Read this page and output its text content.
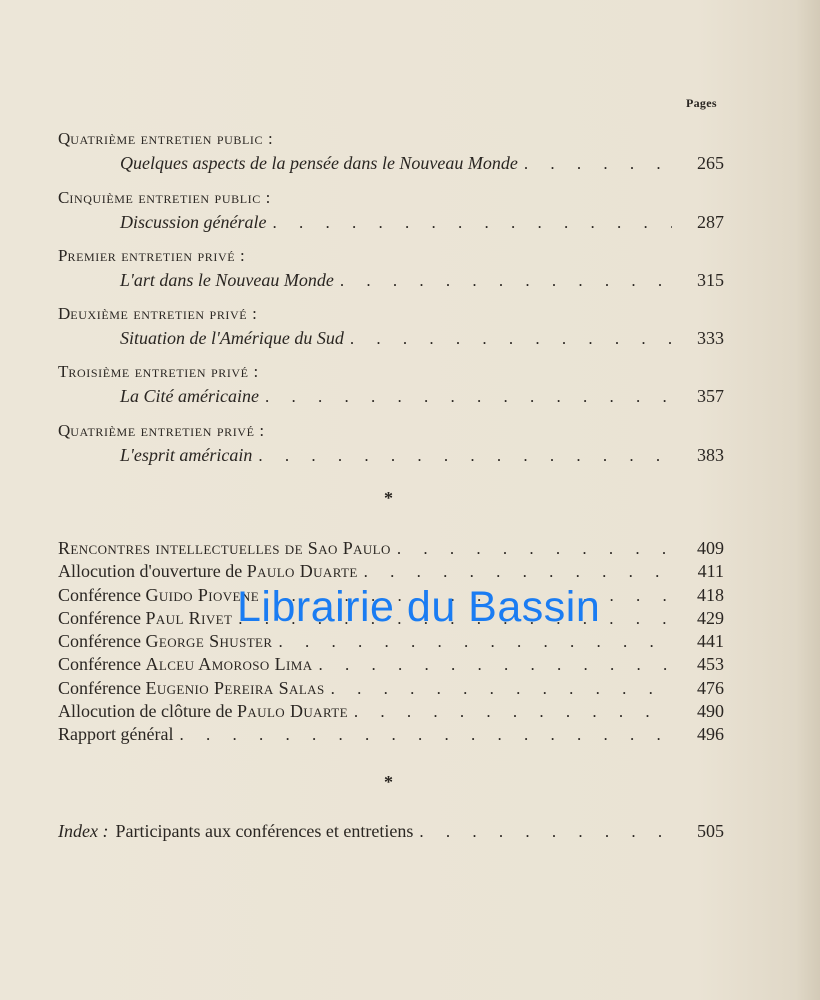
Pages
Quatrième entretien public :
Quelques aspects de la pensée dans le Nouveau Monde . . .	265
Cinquième entretien public :
Discussion générale . . .	287
Premier entretien privé :
L'art dans le Nouveau Monde . . .	315
Deuxième entretien privé :
Situation de l'Amérique du Sud . . .	333
Troisième entretien privé :
La Cité américaine . . .	357
Quatrième entretien privé :
L'esprit américain . . .	383
*
Rencontres intellectuelles de Sao Paulo . . .	409
Allocution d'ouverture de Paulo Duarte . . .	411
Conférence Guido Piovene . . .	418
Conférence Paul Rivet . . .	429
Conférence George Shuster . . .	441
Conférence Alceu Amoroso Lima . . .	453
Conférence Eugenio Pereira Salas . . .	476
Allocution de clôture de Paulo Duarte . . .	490
Rapport général . . .	496
*
Index : Participants aux conférences et entretiens . . .	505
Librairie du Bassin
